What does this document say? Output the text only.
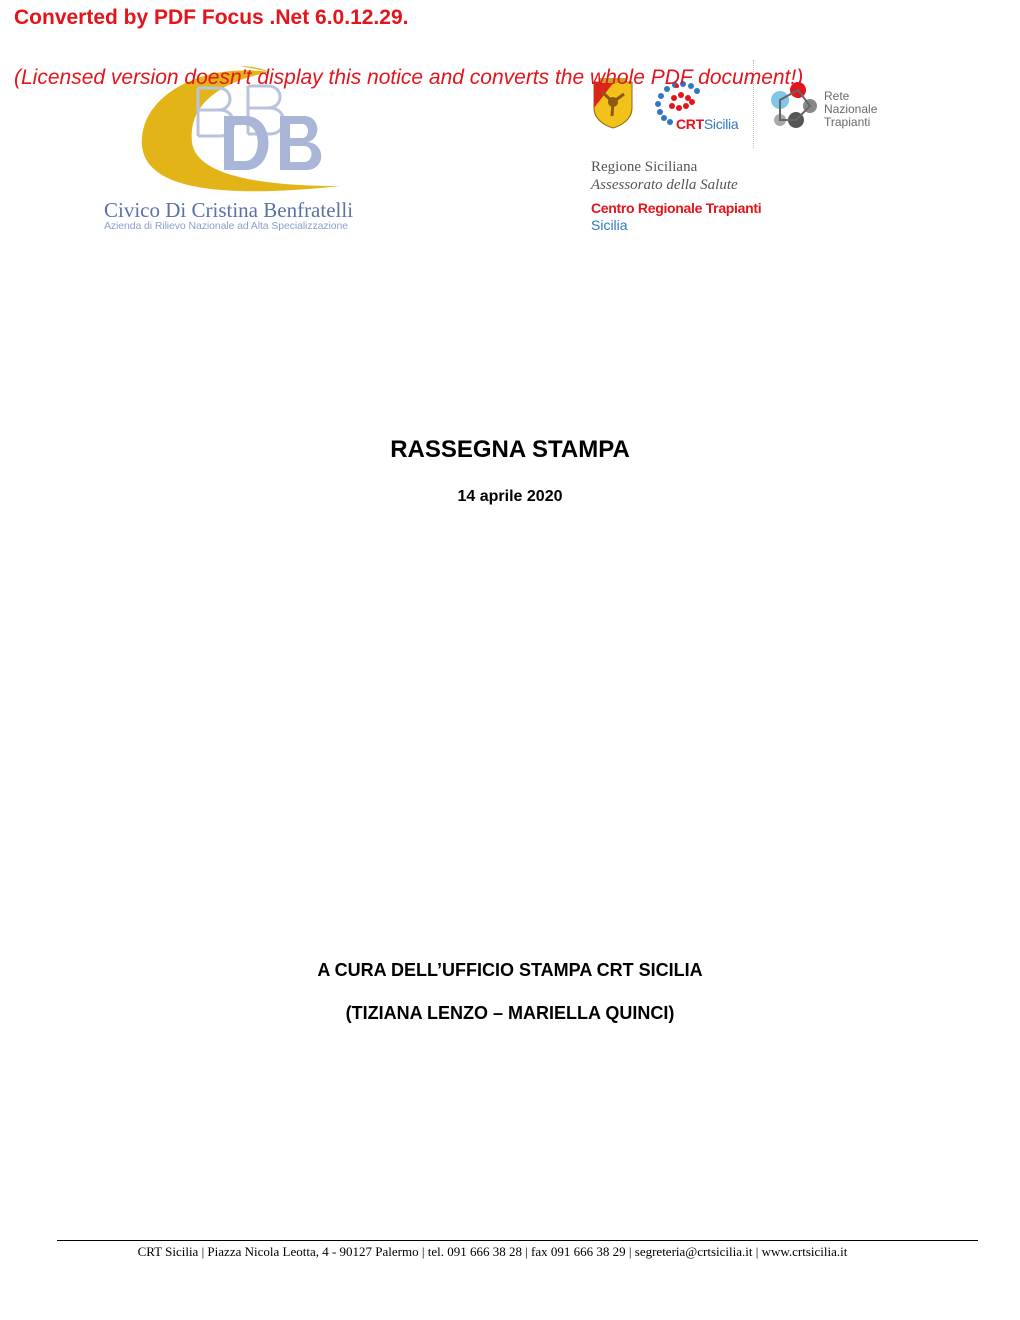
Converted by PDF Focus .Net 6.0.12.29.
(Licensed version doesn't display this notice and converts the whole PDF document!)
Civico Di Cristina Benfratelli
Azienda di Rilievo Nazionale ad Alta Specializzazione
CRTSicilia
Rete
Nazionale
Trapianti
Regione Siciliana
Assessorato della Salute
Centro Regionale Trapianti
Sicilia
RASSEGNA STAMPA
14 aprile 2020
A CURA DELL’UFFICIO STAMPA CRT SICILIA
(TIZIANA LENZO – MARIELLA QUINCI)
CRT Sicilia | Piazza Nicola Leotta, 4 - 90127 Palermo | tel. 091 666 38 28 | fax 091 666 38 29 | segreteria@crtsicilia.it | www.crtsicilia.it
